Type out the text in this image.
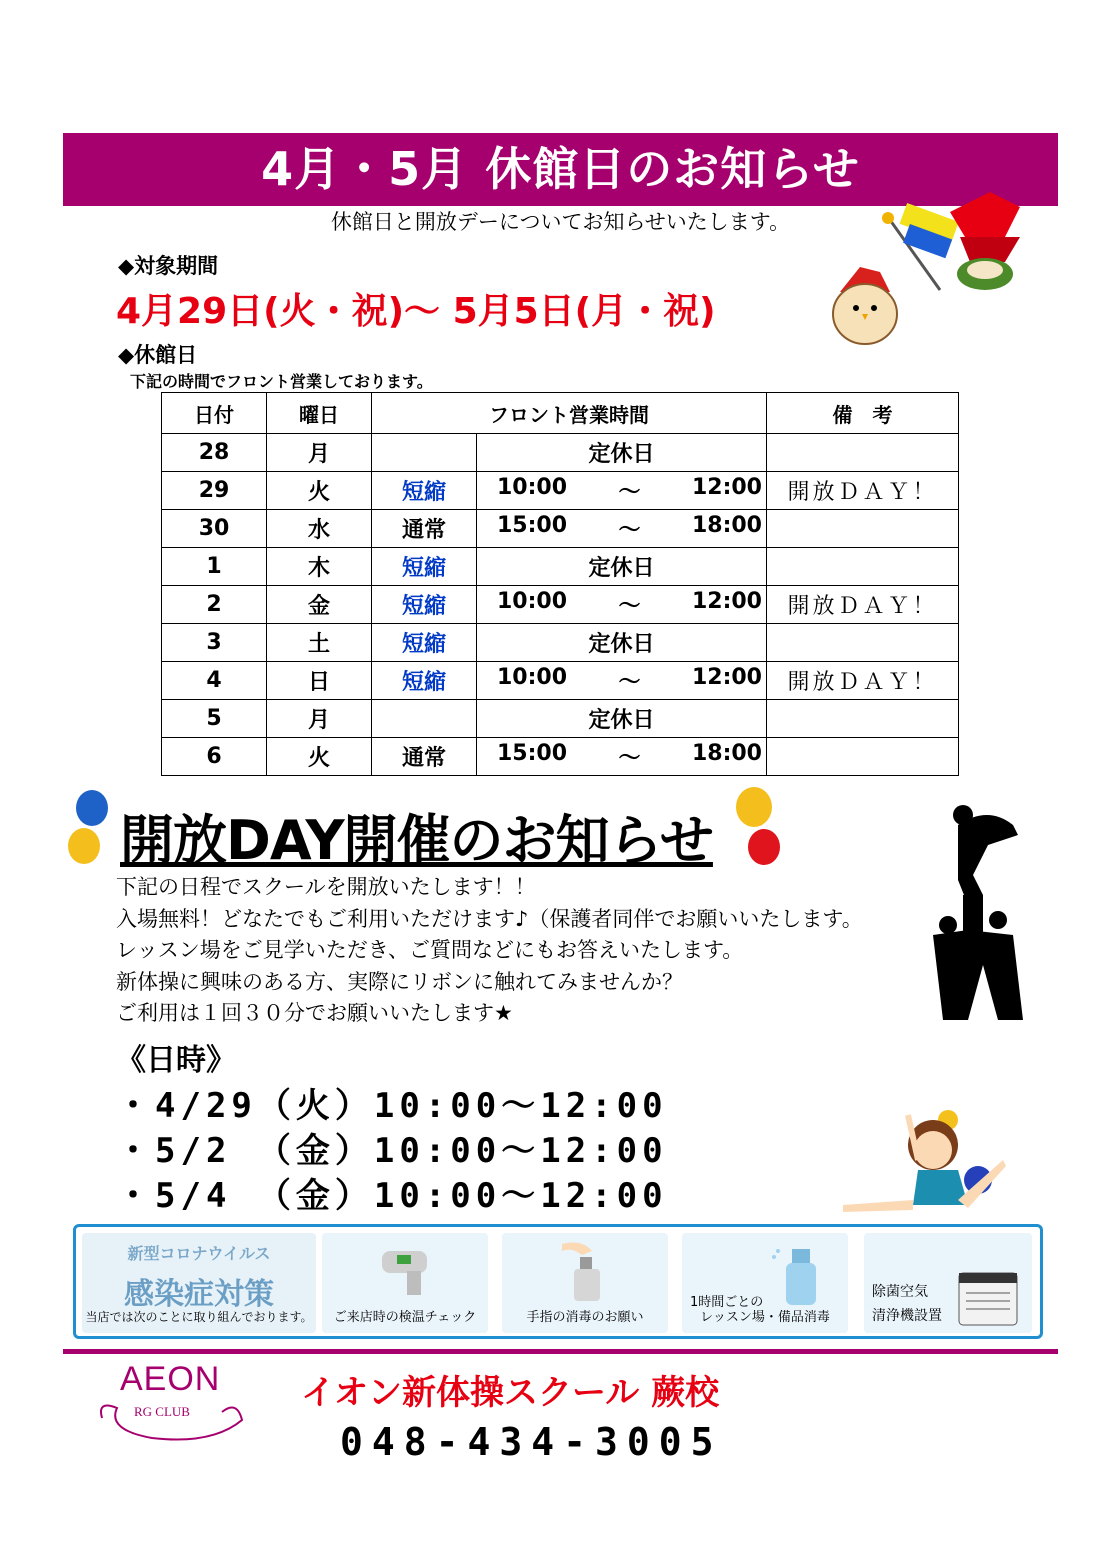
4月・5月 休館日のお知らせ
休館日と開放デーについてお知らせいたします。
◆対象期間
4月29日(火・祝)～ 5月5日(月・祝)
◆休館日
下記の時間でフロント営業しております。
日付	曜日	フロント営業時間		備　考
28	月		定休日	
29	火	短縮	10:00 ～ 12:00	開放ＤＡＹ！
30	水	通常	15:00 ～ 18:00	

1	木	短縮	定休日	
2	金	短縮	10:00 ～ 12:00	開放ＤＡＹ！
3	土	短縮	定休日	
4	日	短縮	10:00 ～ 12:00	開放ＤＡＹ！
5	月		定休日	
6	火	通常	15:00 ～ 18:00	

開放DAY開催のお知らせ
下記の日程でスクールを開放いたします！！
入場無料！どなたでもご利用いただけます♪（保護者同伴でお願いいたします。
レッスン場をご見学いただき、ご質問などにもお答えいたします。
新体操に興味のある方、実際にリボンに触れてみませんか？
ご利用は１回３０分でお願いいたします★
《日時》
・4/29（火）10:00～12:00
・5/2 （金）10:00～12:00
・5/4 （金）10:00～12:00
新型コロナウイルス
感染症対策
当店では次のことに取り組んでおります。	ご来店時の検温チェック	手指の消毒のお願い
1時間ごとの
レッスン場・備品消毒
除菌空気
清浄機設置
AEON
RG CLUB	イオン新体操スクール 蕨校
048-434-3005
